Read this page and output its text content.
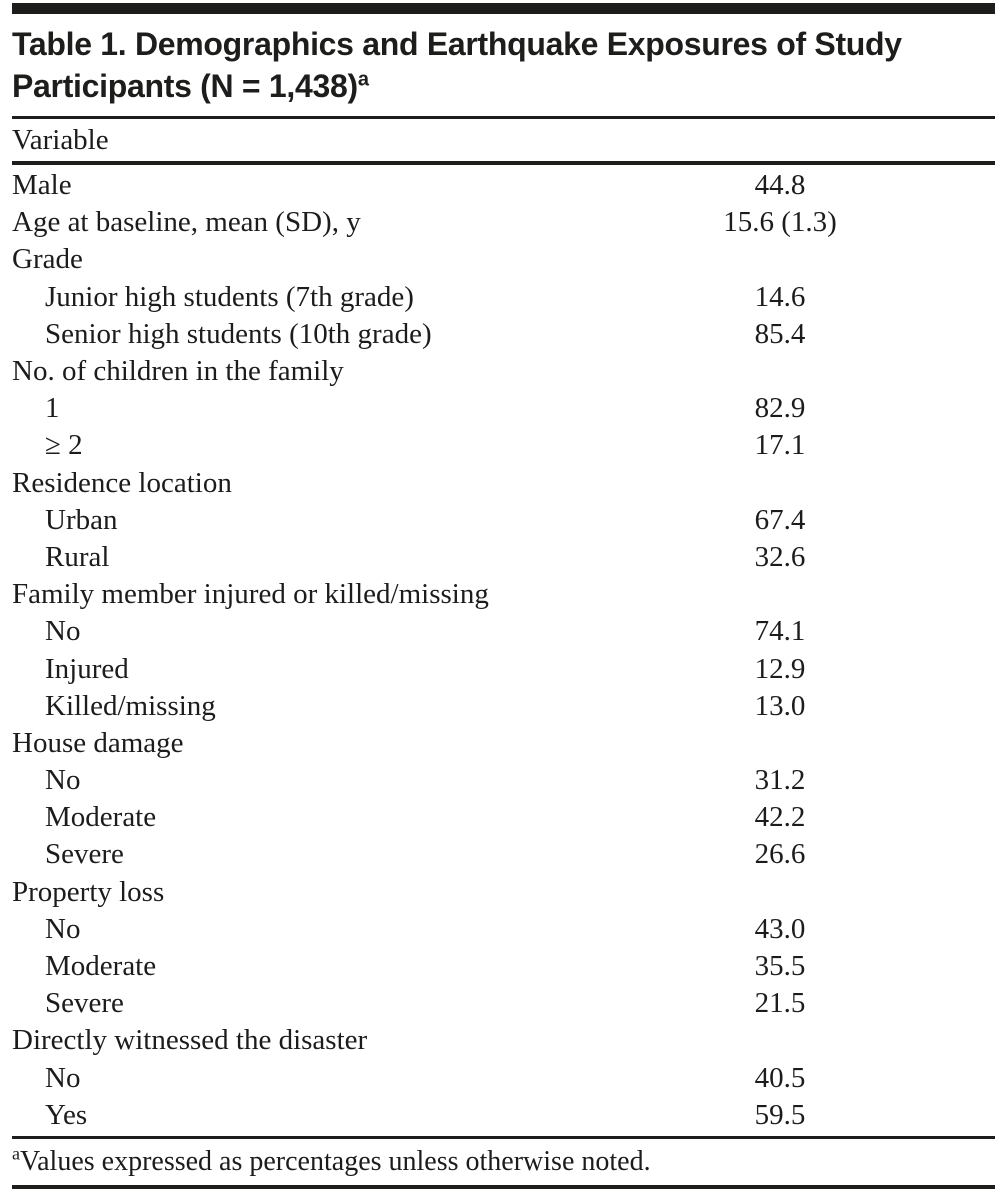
Table 1. Demographics and Earthquake Exposures of Study
Participants (N = 1,438)$^a$
Variable
Male	44.8
Age at baseline, mean (SD), y	15.6 (1.3)
Grade
Junior high students (7th grade)	14.6
Senior high students (10th grade)	85.4
No. of children in the family
1	82.9
≥ 2	17.1
Residence location
Urban	67.4
Rural	32.6
Family member injured or killed/missing
No	74.1
Injured	12.9
Killed/missing	13.0
House damage
No	31.2
Moderate	42.2
Severe	26.6
Property loss
No	43.0
Moderate	35.5
Severe	21.5
Directly witnessed the disaster
No	40.5
Yes	59.5
$^a$Values expressed as percentages unless otherwise noted.
